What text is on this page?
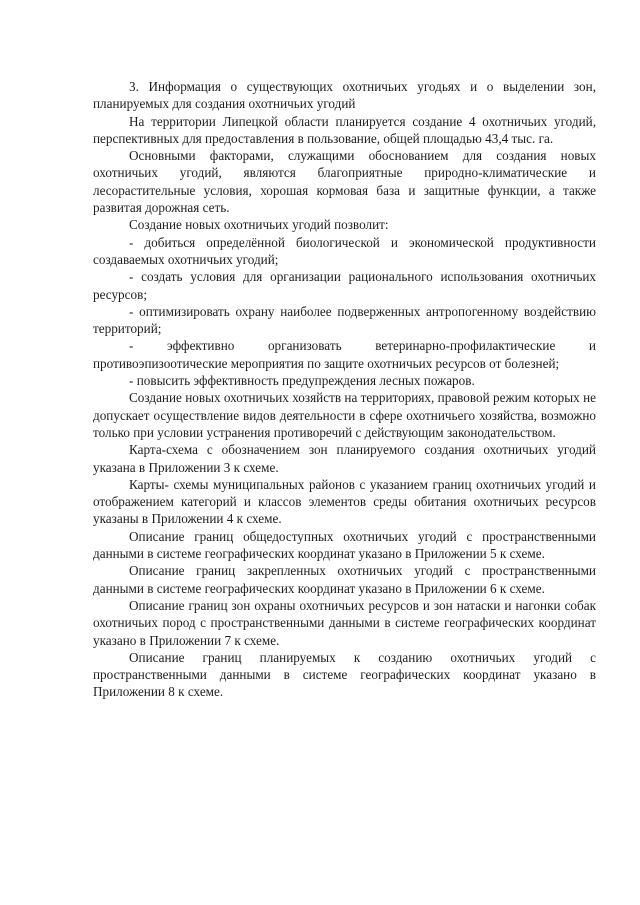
3. Информация о существующих охотничьих угодьях и о выделении зон, планируемых для создания охотничьих угодий

На территории Липецкой области планируется создание 4 охотничьих угодий, перспективных для предоставления в пользование, общей площадью 43,4 тыс. га.

Основными факторами, служащими обоснованием для создания новых охотничьих угодий, являются благоприятные природно-климатические и лесорастительные условия, хорошая кормовая база и защитные функции, а также развитая дорожная сеть.

Создание новых охотничьих угодий позволит:

- добиться определённой биологической и экономической продуктивности создаваемых охотничьих угодий;

- создать условия для организации рационального использования охотничьих ресурсов;

- оптимизировать охрану наиболее подверженных антропогенному воздействию территорий;

- эффективно организовать ветеринарно-профилактические и противоэпизоотические мероприятия по защите охотничьих ресурсов от болезней;

- повысить эффективность предупреждения лесных пожаров.

Создание новых охотничьих хозяйств на территориях, правовой режим которых не допускает осуществление видов деятельности в сфере охотничьего хозяйства, возможно только при условии устранения противоречий с действующим законодательством.

Карта-схема с обозначением зон планируемого создания охотничьих угодий указана в Приложении 3 к схеме.

Карты- схемы муниципальных районов с указанием границ охотничьих угодий и отображением категорий и классов элементов среды обитания охотничьих ресурсов указаны в Приложении 4 к схеме.

Описание границ общедоступных охотничьих угодий с пространственными данными в системе географических координат указано в Приложении 5 к схеме.

Описание границ закрепленных охотничьих угодий с пространственными данными в системе географических координат указано в Приложении 6 к схеме.

Описание границ зон охраны охотничьих ресурсов и зон натаски и нагонки собак охотничьих пород с пространственными данными в системе географических координат указано в Приложении 7 к схеме.

Описание границ планируемых к созданию охотничьих угодий с пространственными данными в системе географических координат указано в Приложении 8 к схеме.
